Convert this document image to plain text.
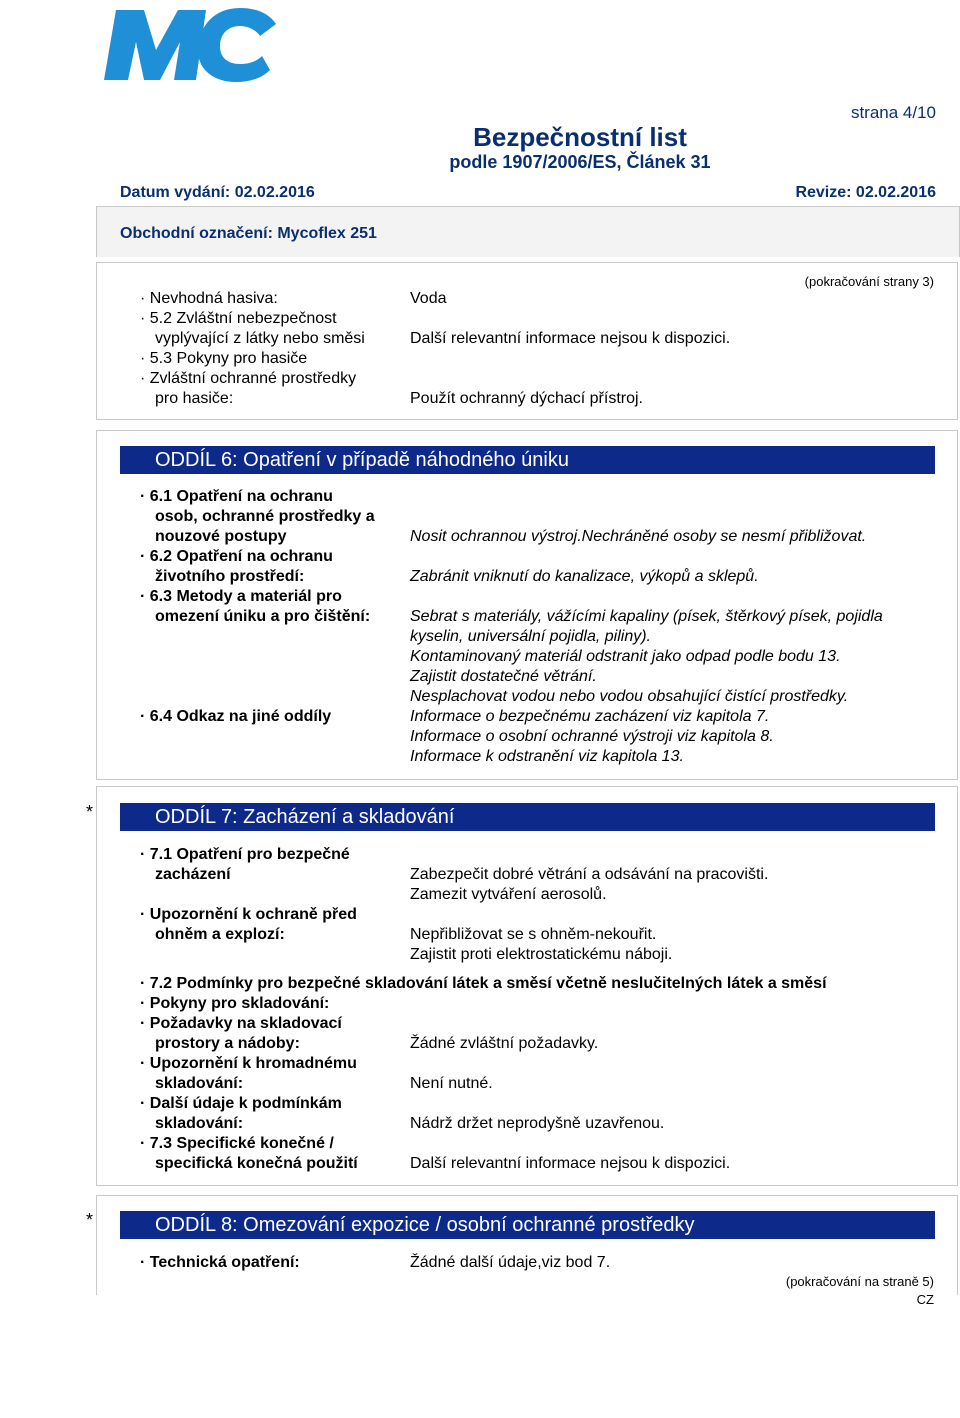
Bezpečnostní list
podle 1907/2006/ES, Článek 31
strana 4/10
Datum vydání: 02.02.2016	Revize: 02.02.2016
Obchodní označení: Mycoflex 251
(pokračování strany 3)
· Nevhodná hasiva:	Voda
· 5.2 Zvláštní nebezpečnost
vyplývající z látky nebo směsi	Další relevantní informace nejsou k dispozici.
· 5.3 Pokyny pro hasiče
· Zvláštní ochranné prostředky
pro hasiče:	Použít ochranný dýchací přístroj.
ODDÍL 6: Opatření v případě náhodného úniku
· 6.1 Opatření na ochranu
osob, ochranné prostředky a
nouzové postupy	Nosit ochrannou výstroj.Nechráněné osoby se nesmí přibližovat.
· 6.2 Opatření na ochranu
životního prostředí:	Zabránit vniknutí do kanalizace, výkopů a sklepů.
· 6.3 Metody a materiál pro
omezení úniku a pro čištění: Sebrat s materiály, vážícími kapaliny (písek, štěrkový písek, pojidla
kyselin, universální pojidla, piliny).
Kontaminovaný materiál odstranit jako odpad podle bodu 13.
Zajistit dostatečné větrání.
Nesplachovat vodou nebo vodou obsahující čistící prostředky.
· 6.4 Odkaz na jiné oddíly	Informace o bezpečnému zacházení viz kapitola 7.
Informace o osobní ochranné výstroji viz kapitola 8.
Informace k odstranění viz kapitola 13.
*	ODDÍL 7: Zacházení a skladování
· 7.1 Opatření pro bezpečné
zacházení	Zabezpečit dobré větrání a odsávání na pracovišti.
Zamezit vytváření aerosolů.
· Upozornění k ochraně před
ohněm a explozí:	Nepřibližovat se s ohněm-nekouřit.
Zajistit proti elektrostatickému náboji.
· 7.2 Podmínky pro bezpečné skladování látek a směsí včetně neslučitelných látek a směsí
· Pokyny pro skladování:
· Požadavky na skladovací
prostory a nádoby:	Žádné zvláštní požadavky.
· Upozornění k hromadnému
skladování:	Není nutné.
· Další údaje k podmínkám
skladování:	Nádrž držet neprodyšně uzavřenou.
· 7.3 Specifické konečné /
specifická konečná použití	Další relevantní informace nejsou k dispozici.
*	ODDÍL 8: Omezování expozice / osobní ochranné prostředky
· Technická opatření:	Žádné další údaje,viz bod 7.
(pokračování na straně 5)
CZ
